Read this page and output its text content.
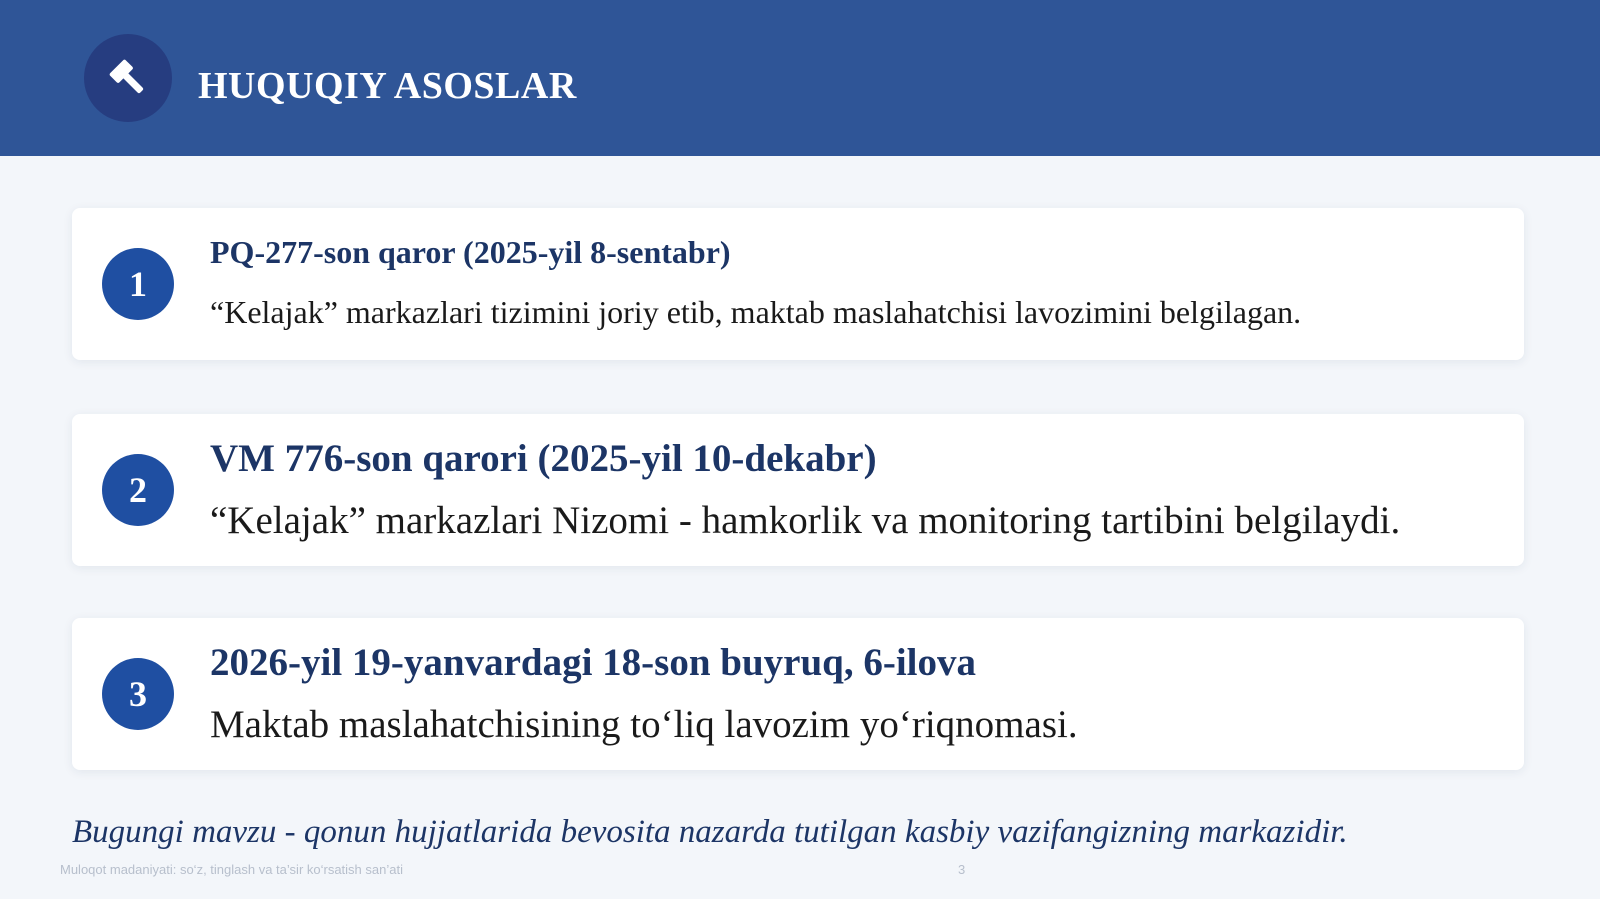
HUQUQIY ASOSLAR
1
PQ-277-son qaror (2025-yil 8-sentabr)
“Kelajak” markazlari tizimini joriy etib, maktab maslahatchisi lavozimini belgilagan.
2
VM 776-son qarori (2025-yil 10-dekabr)
“Kelajak” markazlari Nizomi - hamkorlik va monitoring tartibini belgilaydi.
3
2026-yil 19-yanvardagi 18-son buyruq, 6-ilova
Maktab maslahatchisining to‘liq lavozim yo‘riqnomasi.
Bugungi mavzu - qonun hujjatlarida bevosita nazarda tutilgan kasbiy vazifangizning markazidir.
Muloqot madaniyati: so‘z, tinglash va ta’sir ko‘rsatish san’ati	3
